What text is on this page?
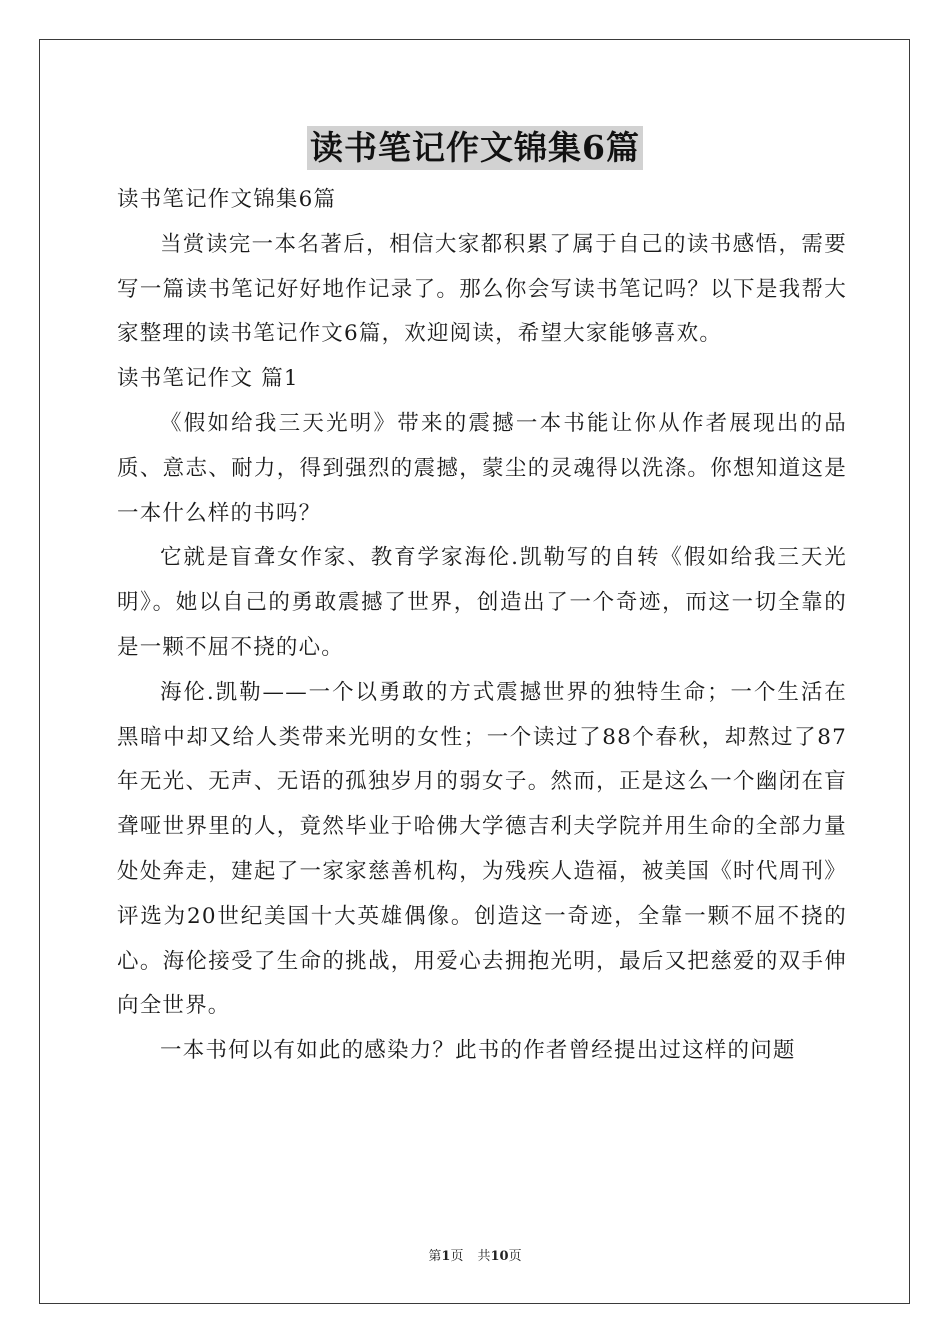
读书笔记作文锦集6篇

读书笔记作文锦集6篇

当赏读完一本名著后，相信大家都积累了属于自己的读书感悟，需要写一篇读书笔记好好地作记录了。那么你会写读书笔记吗？以下是我帮大家整理的读书笔记作文6篇，欢迎阅读，希望大家能够喜欢。

读书笔记作文 篇1

《假如给我三天光明》带来的震撼一本书能让你从作者展现出的品质、意志、耐力，得到强烈的震撼，蒙尘的灵魂得以洗涤。你想知道这是一本什么样的书吗？

它就是盲聋女作家、教育学家海伦.凯勒写的自转《假如给我三天光明》。她以自己的勇敢震撼了世界，创造出了一个奇迹，而这一切全靠的是一颗不屈不挠的心。

海伦.凯勒——一个以勇敢的方式震撼世界的独特生命；一个生活在黑暗中却又给人类带来光明的女性；一个读过了88个春秋，却熬过了87年无光、无声、无语的孤独岁月的弱女子。然而，正是这么一个幽闭在盲聋哑世界里的人，竟然毕业于哈佛大学德吉利夫学院并用生命的全部力量处处奔走，建起了一家家慈善机构，为残疾人造福，被美国《时代周刊》评选为20世纪美国十大英雄偶像。创造这一奇迹，全靠一颗不屈不挠的心。海伦接受了生命的挑战，用爱心去拥抱光明，最后又把慈爱的双手伸向全世界。

一本书何以有如此的感染力？此书的作者曾经提出过这样的问题

第1页 共10页
